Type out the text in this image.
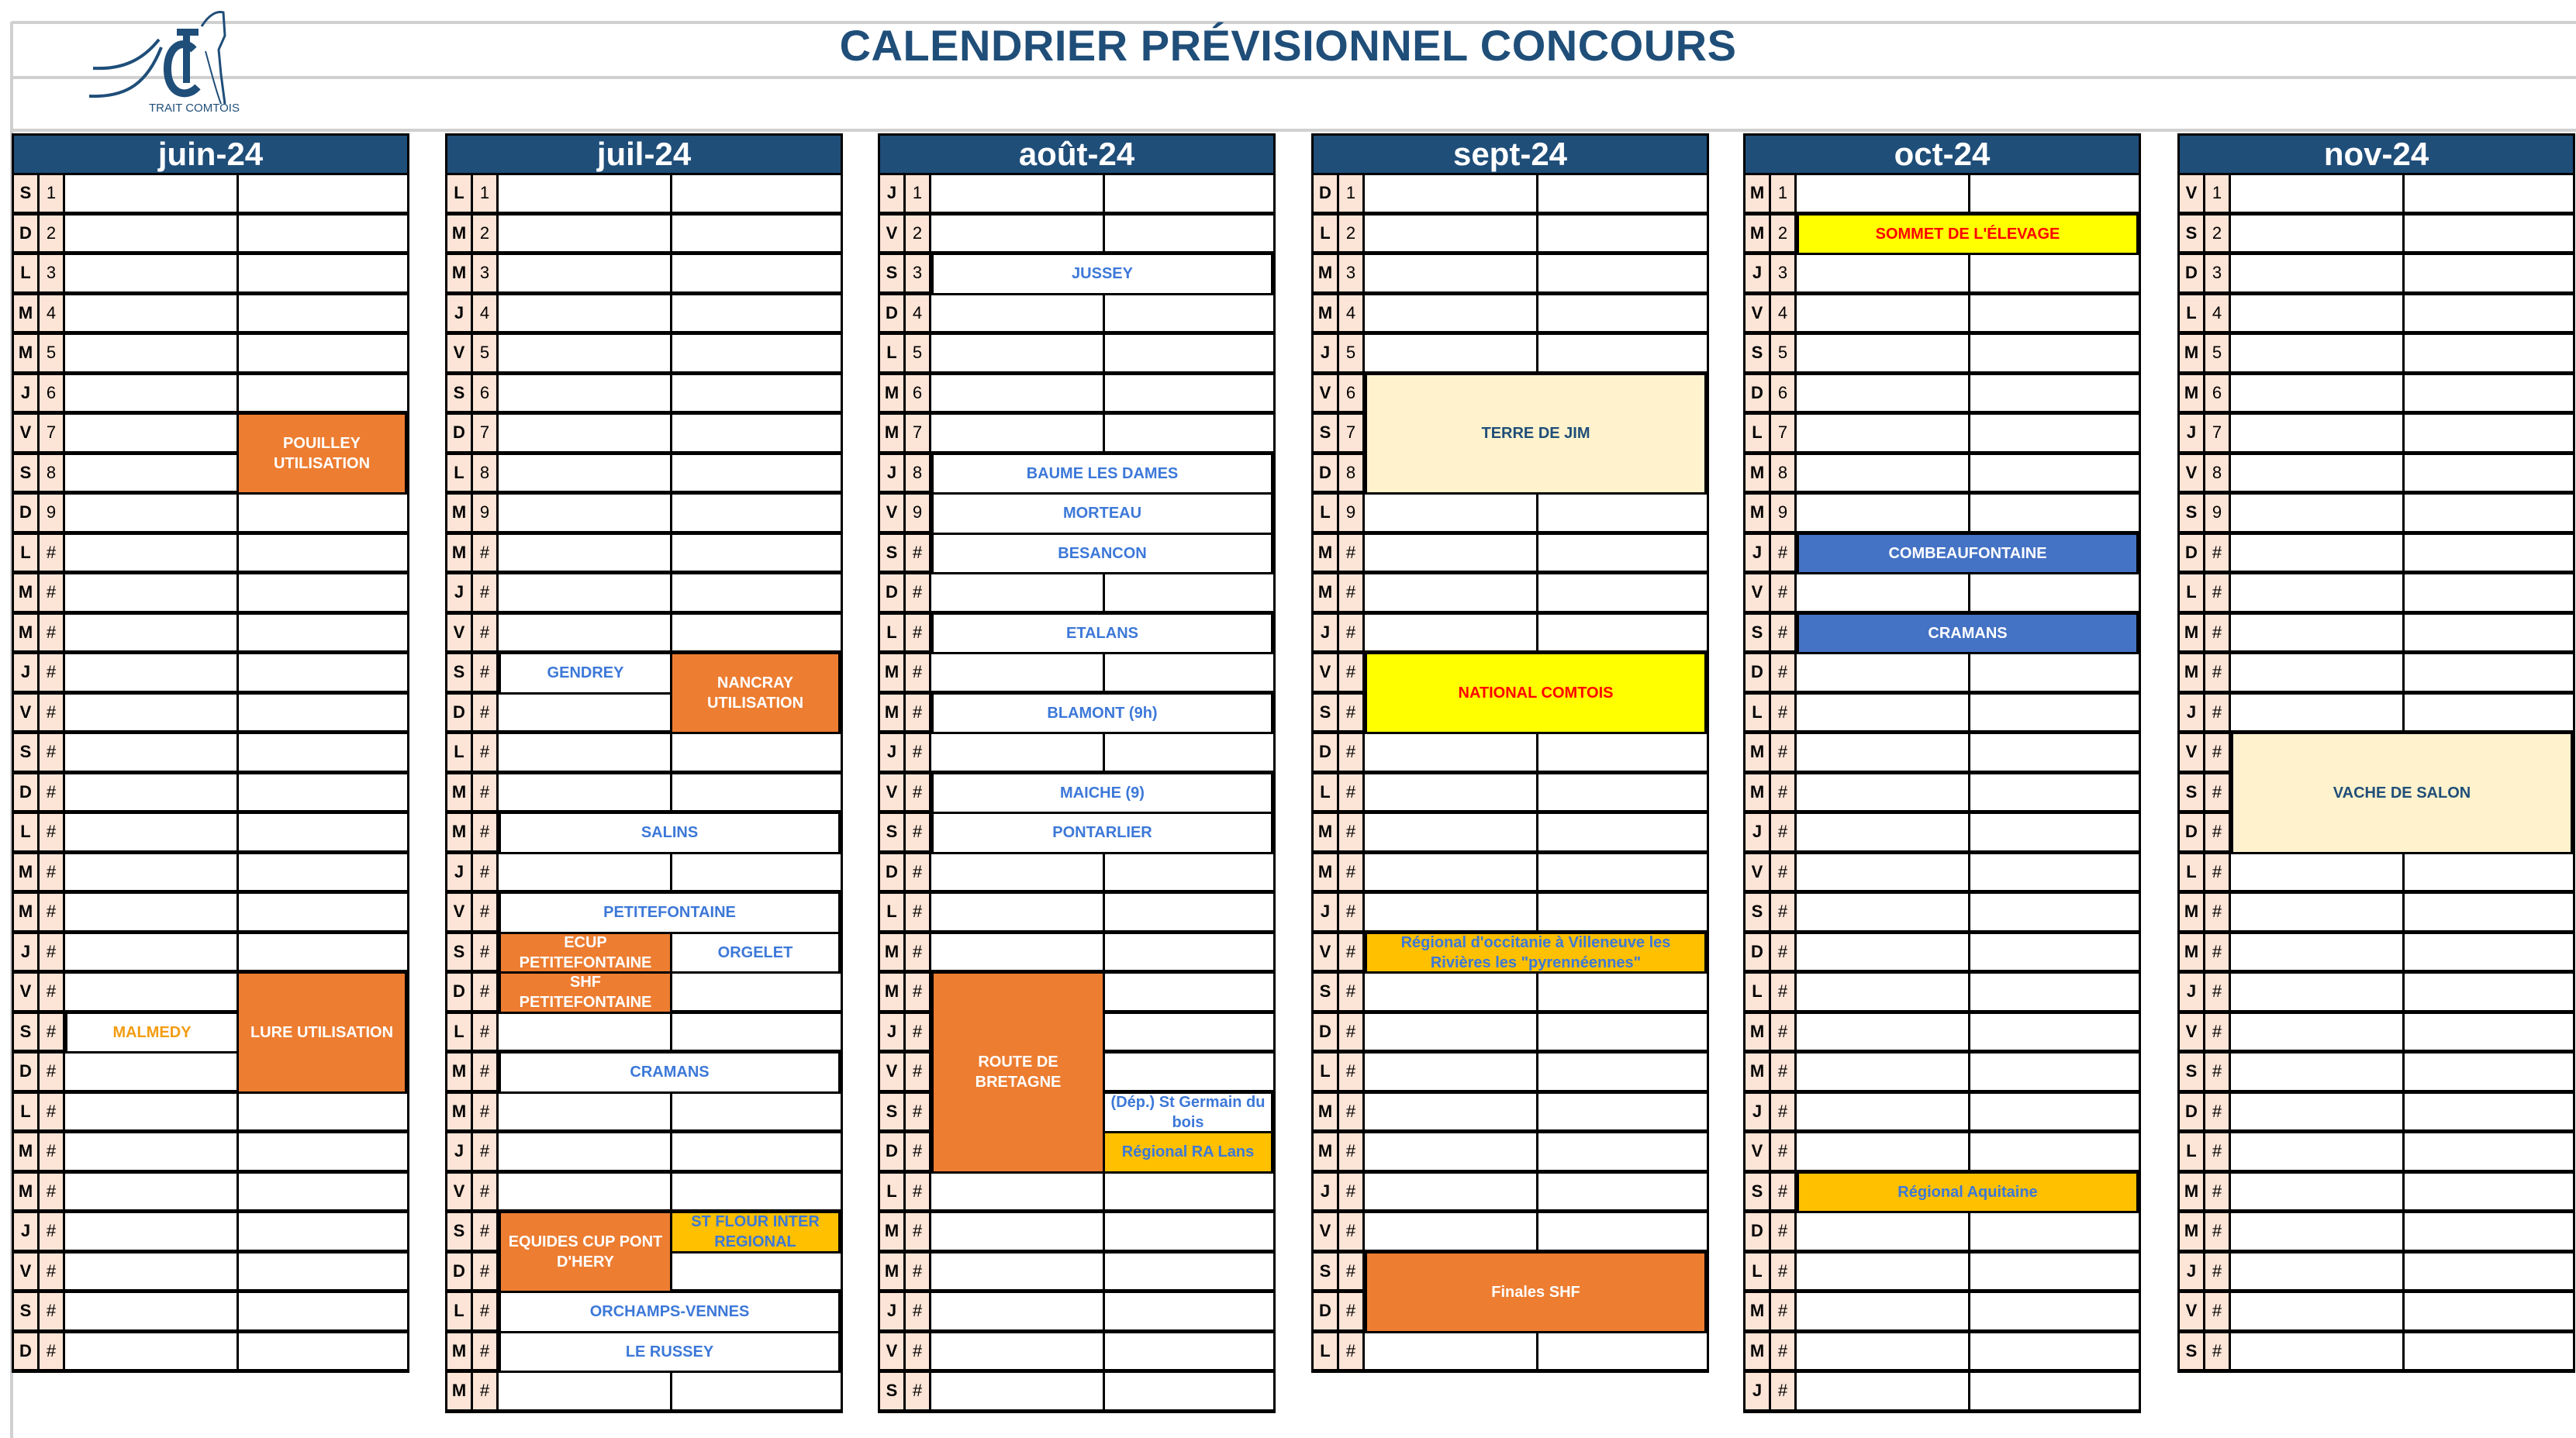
TRAIT COMTOIS
CALENDRIER PRÉVISIONNEL CONCOURS
juin-24
S 1
D 2
L 3
M 4
M 5
J 6
V 7
S 8
D 9
L #
M #
M #
J #
V #
S #
D #
L #
M #
M #
J #
V #
S #
D #
L #
M #
M #
J #
V #
S #
D #
POUILLEY UTILISATION
MALMEDY	LURE UTILISATION
juil-24
L 1
M 2
M 3
J 4
V 5
S 6
D 7
L 8
M 9
M #
J #
V #
S #
D #
L #
M #
M #
J #
V #
S #
D #
L #
M #
M #
J #
V #
S #
D #
L #
M #
M #
GENDREY
NANCRAY UTILISATION
SALINS
PETITEFONTAINE
ECUP PETITEFONTAINE
ORGELET
SHF PETITEFONTAINE
CRAMANS
EQUIDES CUP PONT D'HERY
ST FLOUR INTER REGIONAL
ORCHAMPS-VENNES
LE RUSSEY
août-24
J 1
V 2
S 3
D 4
L 5
M 6
M 7
J 8
V 9
S #
D #
L #
M #
M #
J #
V #
S #
D #
L #
M #
M #
J #
V #
S #
D #
L #
M #
M #
J #
V #
S #
JUSSEY
BAUME LES DAMES
MORTEAU
BESANCON
ETALANS
BLAMONT (9h)
MAICHE (9)
PONTARLIER
ROUTE DE BRETAGNE
(Dép.) St Germain du bois
Régional RA Lans
sept-24
D 1
L 2
M 3
M 4
J 5
V 6
S 7
D 8
L 9
M #
M #
J #
V #
S #
D #
L #
M #
M #
J #
V #
S #
D #
L #
M #
M #
J #
V #
S #
D #
L #
TERRE DE JIM
NATIONAL COMTOIS
Régional d'occitanie à Villeneuve les Rivières les "pyrennéennes"
Finales SHF
oct-24
M 1
M 2
J 3
V 4
S 5
D 6
L 7
M 8
M 9
J #
V #
S #
D #
L #
M #
M #
J #
V #
S #
D #
L #
M #
M #
J #
V #
S #
D #
L #
M #
M #
J #
SOMMET DE L'ÉLEVAGE
COMBEAUFONTAINE
CRAMANS
Régional Aquitaine
nov-24
V 1
S 2
D 3
L 4
M 5
M 6
J 7
V 8
S 9
D #
L #
M #
M #
J #
V #
S #
D #
L #
M #
M #
J #
V #
S #
D #
L #
M #
M #
J #
V #
S #
VACHE DE SALON
